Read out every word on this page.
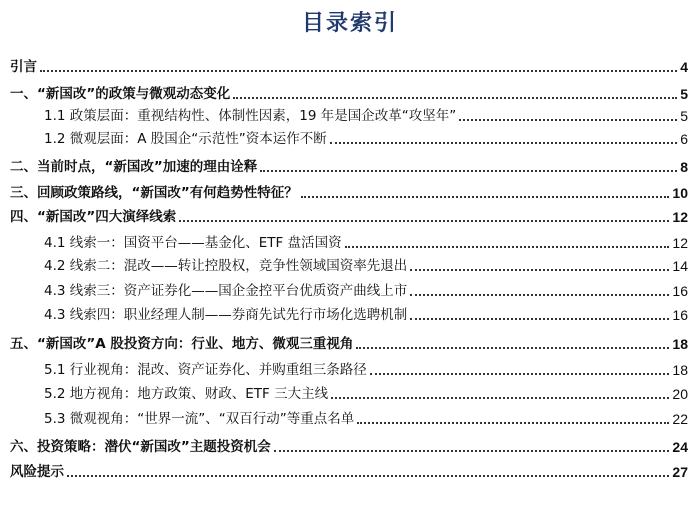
目录索引
引言	4
一、“新国改”的政策与微观动态变化	5
1.1 政策层面：重视结构性、体制性因素，19 年是国企改革“攻坚年”	5
1.2 微观层面：A 股国企“示范性”资本运作不断	6
二、当前时点，“新国改”加速的理由诠释	8
三、回顾政策路线，“新国改”有何趋势性特征？	10
四、“新国改”四大演绎线索	12
4.1 线索一：国资平台——基金化、ETF 盘活国资	12
4.2 线索二：混改——转让控股权，竞争性领域国资率先退出	14
4.3 线索三：资产证券化——国企金控平台优质资产曲线上市	16
4.3 线索四：职业经理人制——券商先试先行市场化选聘机制	16
五、“新国改”A 股投资方向：行业、地方、微观三重视角	18
5.1 行业视角：混改、资产证券化、并购重组三条路径	18
5.2 地方视角：地方政策、财政、ETF 三大主线	20
5.3 微观视角：“世界一流”、“双百行动”等重点名单	22
六、投资策略：潜伏“新国改”主题投资机会	24
风险提示	27
